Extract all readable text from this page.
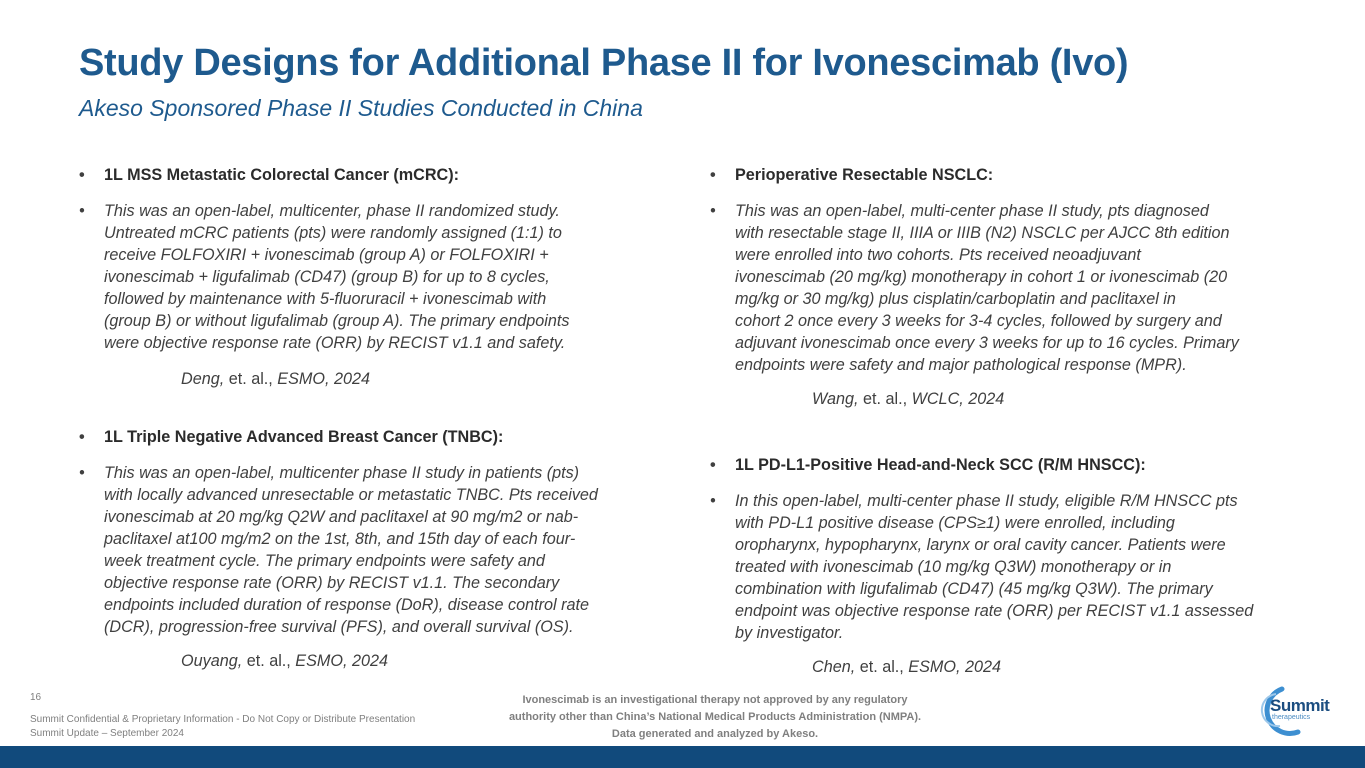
Study Designs for Additional Phase II for Ivonescimab (Ivo)
Akeso Sponsored Phase II Studies Conducted in China
• 1L MSS Metastatic Colorectal Cancer (mCRC):
• This was an open-label, multicenter, phase II randomized study.
Untreated mCRC patients (pts) were randomly assigned (1:1) to
receive FOLFOXIRI + ivonescimab (group A) or FOLFOXIRI +
ivonescimab + ligufalimab (CD47) (group B) for up to 8 cycles,
followed by maintenance with 5-fluoruracil + ivonescimab with
(group B) or without ligufalimab (group A). The primary endpoints
were objective response rate (ORR) by RECIST v1.1 and safety.
Deng, et. al., ESMO, 2024
• 1L Triple Negative Advanced Breast Cancer (TNBC):
• This was an open-label, multicenter phase II study in patients (pts)
with locally advanced unresectable or metastatic TNBC. Pts received
ivonescimab at 20 mg/kg Q2W and paclitaxel at 90 mg/m2 or nab-
paclitaxel at100 mg/m2 on the 1st, 8th, and 15th day of each four-
week treatment cycle. The primary endpoints were safety and
objective response rate (ORR) by RECIST v1.1. The secondary
endpoints included duration of response (DoR), disease control rate
(DCR), progression-free survival (PFS), and overall survival (OS).
Ouyang, et. al., ESMO, 2024
• Perioperative Resectable NSCLC:
• This was an open-label, multi-center phase II study, pts diagnosed
with resectable stage II, IIIA or IIIB (N2) NSCLC per AJCC 8th edition
were enrolled into two cohorts. Pts received neoadjuvant
ivonescimab (20 mg/kg) monotherapy in cohort 1 or ivonescimab (20
mg/kg or 30 mg/kg) plus cisplatin/carboplatin and paclitaxel in
cohort 2 once every 3 weeks for 3-4 cycles, followed by surgery and
adjuvant ivonescimab once every 3 weeks for up to 16 cycles. Primary
endpoints were safety and major pathological response (MPR).
Wang, et. al., WCLC, 2024
• 1L PD-L1-Positive Head-and-Neck SCC (R/M HNSCC):
• In this open-label, multi-center phase II study, eligible R/M HNSCC pts
with PD-L1 positive disease (CPS≥1) were enrolled, including
oropharynx, hypopharynx, larynx or oral cavity cancer. Patients were
treated with ivonescimab (10 mg/kg Q3W) monotherapy or in
combination with ligufalimab (CD47) (45 mg/kg Q3W). The primary
endpoint was objective response rate (ORR) per RECIST v1.1 assessed
by investigator.
Chen, et. al., ESMO, 2024
16
Summit Confidential & Proprietary Information - Do Not Copy or Distribute Presentation
Summit Update – September 2024
Ivonescimab is an investigational therapy not approved by any regulatory
authority other than China’s National Medical Products Administration (NMPA).
Data generated and analyzed by Akeso.
Summit
therapeutics
